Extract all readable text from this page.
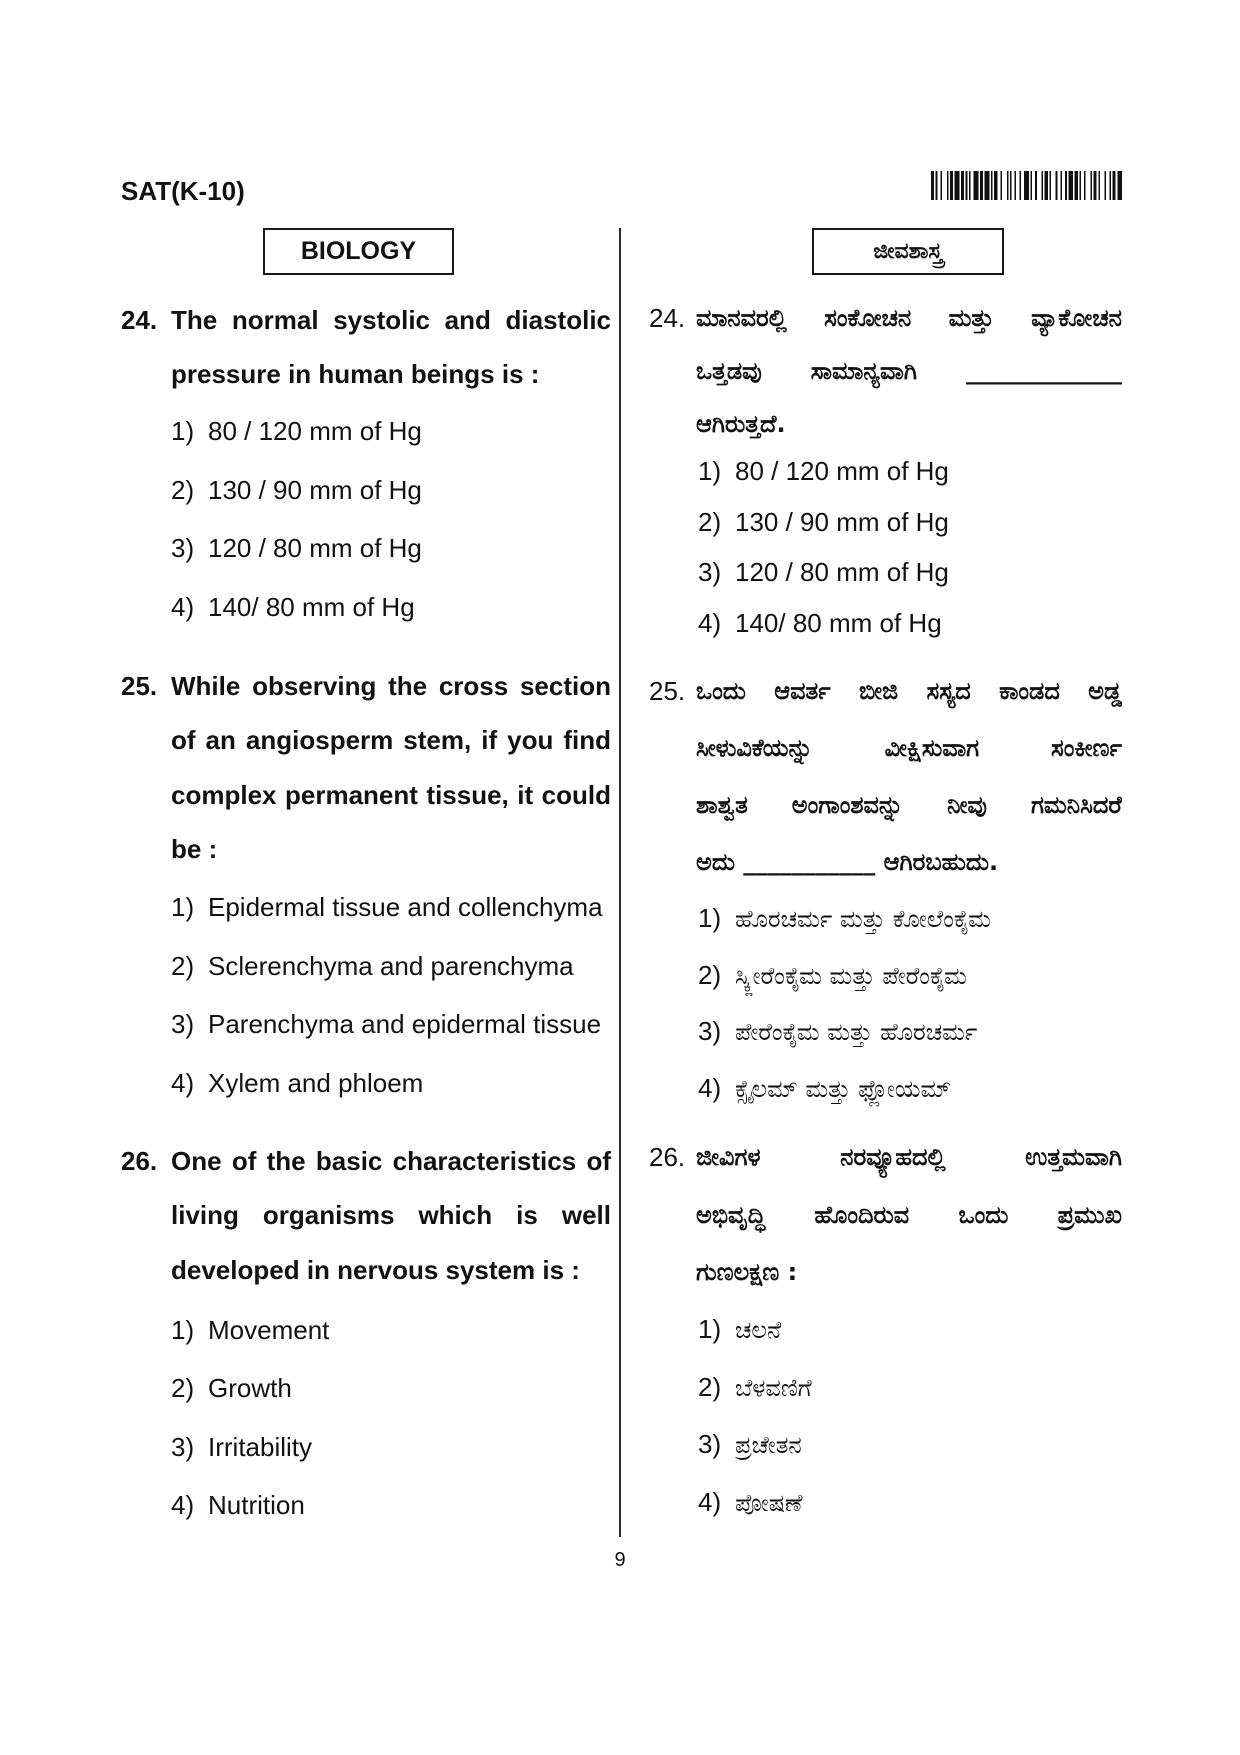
SAT(K-10)
BIOLOGY	ಜೀವಶಾಸ್ತ್ರ
24. The normal systolic and diastolic pressure in human beings is :
1) 80 / 120 mm of Hg
2) 130 / 90 mm of Hg
3) 120 / 80 mm of Hg
4) 140/ 80 mm of Hg
25. While observing the cross section of an angiosperm stem, if you find complex permanent tissue, it could be :
1) Epidermal tissue and collenchyma
2) Sclerenchyma and parenchyma
3) Parenchyma and epidermal tissue
4) Xylem and phloem
26. One of the basic characteristics of living organisms which is well developed in nervous system is :
1) Movement
2) Growth
3) Irritability
4) Nutrition
24. ಮಾನವರಲ್ಲಿ ಸಂಕೋಚನ ಮತ್ತು ವ್ಯಾಕೋಚನ
ಒತ್ತಡವು ಸಾಮಾನ್ಯವಾಗಿ _____________
ಆಗಿರುತ್ತದೆ.
1) 80 / 120 mm of Hg
2) 130 / 90 mm of Hg
3) 120 / 80 mm of Hg
4) 140/ 80 mm of Hg
25. ಒಂದು ಆವರ್ತ ಬೀಜಿ ಸಸ್ಯದ ಕಾಂಡದ ಅಡ್ಡ
ಸೀಳುವಿಕೆಯನ್ನು ವೀಕ್ಷಿಸುವಾಗ ಸಂಕೀರ್ಣ
ಶಾಶ್ವತ ಅಂಗಾಂಶವನ್ನು ನೀವು ಗಮನಿಸಿದರೆ
ಅದು ___________ ಆಗಿರಬಹುದು.
1) ಹೊರಚರ್ಮ ಮತ್ತು ಕೋಲೆಂಕೈಮ
2) ಸ್ಕ್ಲೀರೆಂಕೈಮ ಮತ್ತು ಪೇರೆಂಕೈಮ
3) ಪೇರೆಂಕೈಮ ಮತ್ತು ಹೊರಚರ್ಮ
4) ಕ್ಸೈಲಮ್ ಮತ್ತು ಫ್ಲೋಯಮ್
26. ಜೀವಿಗಳ ನರವ್ಯೂಹದಲ್ಲಿ ಉತ್ತಮವಾಗಿ
ಅಭಿವೃದ್ಧಿ ಹೊಂದಿರುವ ಒಂದು ಪ್ರಮುಖ
ಗುಣಲಕ್ಷಣ :
1) ಚಲನೆ
2) ಬೆಳವಣಿಗೆ
3) ಪ್ರಚೇತನ
4) ಪೋಷಣೆ
9
